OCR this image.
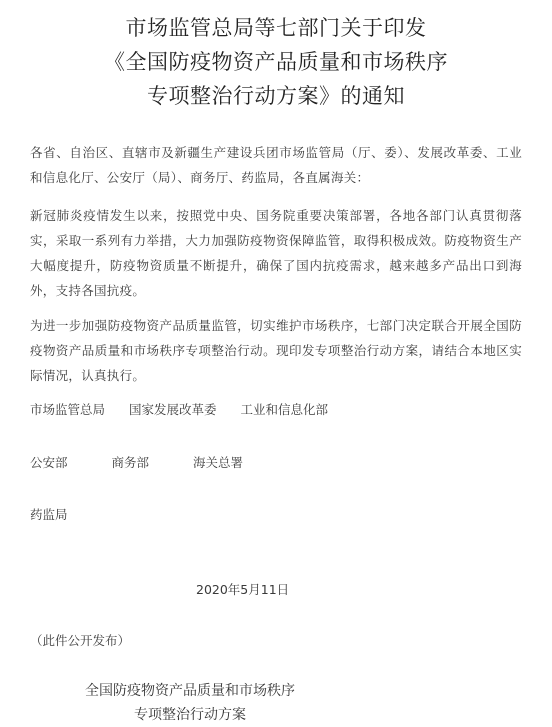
市场监管总局等七部门关于印发
《全国防疫物资产品质量和市场秩序
专项整治行动方案》的通知

各省、自治区、直辖市及新疆生产建设兵团市场监管局（厅、委）、发展改革委、工业和信息化厅、公安厅（局）、商务厅、药监局，各直属海关：

新冠肺炎疫情发生以来，按照党中央、国务院重要决策部署，各地各部门认真贯彻落实，采取一系列有力举措，大力加强防疫物资保障监管，取得积极成效。防疫物资生产大幅度提升，防疫物资质量不断提升，确保了国内抗疫需求，越来越多产品出口到海外，支持各国抗疫。

为进一步加强防疫物资产品质量监管，切实维护市场秩序，七部门决定联合开展全国防疫物资产品质量和市场秩序专项整治行动。现印发专项整治行动方案，请结合本地区实际情况，认真执行。

市场监管总局 国家发展改革委 工业和信息化部
公安部	商务部	海关总署
药监局
2020年5月11日
（此件公开发布）
全国防疫物资产品质量和市场秩序
专项整治行动方案
